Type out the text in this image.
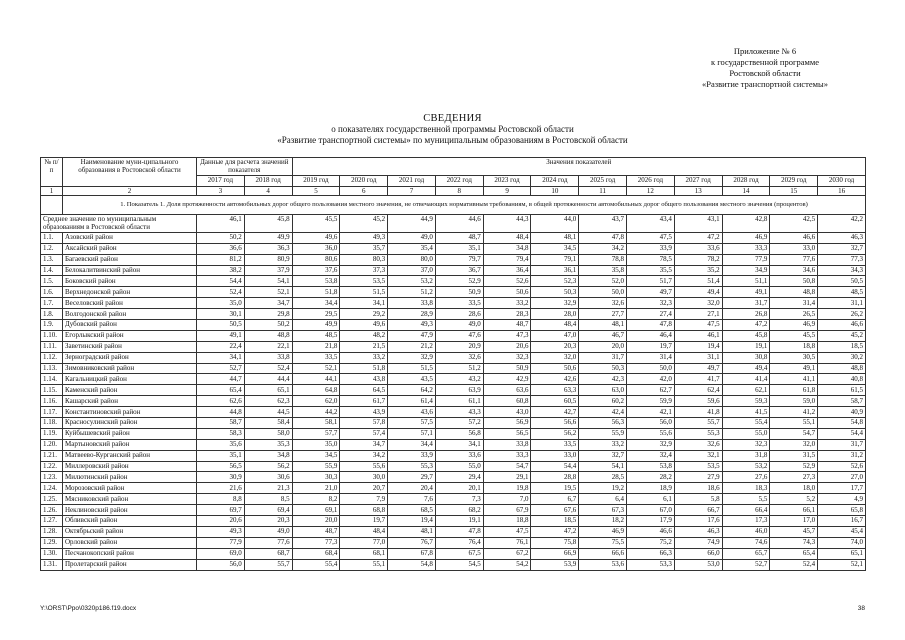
Приложение № 6
к государственной программе
Ростовской области
«Развитие транспортной системы»
СВЕДЕНИЯ
о показателях государственной программы Ростовской области
«Развитие транспортной системы» по муниципальным образованиям в Ростовской области
№ п/п	Наименование муни-ципального образования в Ростовской области	Данные для расчета значений показателя		Значения показателей											
		2017 год	2018 год	2019 год	2020 год	2021 год	2022 год	2023 год	2024 год	2025 год	2026 год	2027 год	2028 год	2029 год	2030 год
1	2	3	4	5	6	7	8	9	10	11	12	13	14	15	16
	1. Показатель 1. Доля протяженности автомобильных дорог общего пользования местного значения, не отвечающих нормативным требованиям, в общей протяженности автомобильных дорог общего пользования местного значения (процентов)														
Среднее значение по муниципальным образованиям в Ростовской области		46,1	45,8	45,5	45,2	44,9	44,6	44,3	44,0	43,7	43,4	43,1	42,8	42,5	42,2
1.1.	Азовский район	50,2	49,9	49,6	49,3	49,0	48,7	48,4	48,1	47,8	47,5	47,2	46,9	46,6	46,3
1.2.	Аксайский район	36,6	36,3	36,0	35,7	35,4	35,1	34,8	34,5	34,2	33,9	33,6	33,3	33,0	32,7
1.3.	Багаевский район	81,2	80,9	80,6	80,3	80,0	79,7	79,4	79,1	78,8	78,5	78,2	77,9	77,6	77,3
1.4.	Белокалитвинский район	38,2	37,9	37,6	37,3	37,0	36,7	36,4	36,1	35,8	35,5	35,2	34,9	34,6	34,3
1.5.	Боковский район	54,4	54,1	53,8	53,5	53,2	52,9	52,6	52,3	52,0	51,7	51,4	51,1	50,8	50,5
1.6.	Верхнедонской район	52,4	52,1	51,8	51,5	51,2	50,9	50,6	50,3	50,0	49,7	49,4	49,1	48,8	48,5
1.7.	Веселовский район	35,0	34,7	34,4	34,1	33,8	33,5	33,2	32,9	32,6	32,3	32,0	31,7	31,4	31,1
1.8.	Волгодонской район	30,1	29,8	29,5	29,2	28,9	28,6	28,3	28,0	27,7	27,4	27,1	26,8	26,5	26,2
1.9.	Дубовский район	50,5	50,2	49,9	49,6	49,3	49,0	48,7	48,4	48,1	47,8	47,5	47,2	46,9	46,6
1.10.	Егорлыкский район	49,1	48,8	48,5	48,2	47,9	47,6	47,3	47,0	46,7	46,4	46,1	45,8	45,5	45,2
1.11.	Заветинский район	22,4	22,1	21,8	21,5	21,2	20,9	20,6	20,3	20,0	19,7	19,4	19,1	18,8	18,5
1.12.	Зерноградский район	34,1	33,8	33,5	33,2	32,9	32,6	32,3	32,0	31,7	31,4	31,1	30,8	30,5	30,2
1.13.	Зимовниковский район	52,7	52,4	52,1	51,8	51,5	51,2	50,9	50,6	50,3	50,0	49,7	49,4	49,1	48,8
1.14.	Кагальницкий район	44,7	44,4	44,1	43,8	43,5	43,2	42,9	42,6	42,3	42,0	41,7	41,4	41,1	40,8
1.15.	Каменский район	65,4	65,1	64,8	64,5	64,2	63,9	63,6	63,3	63,0	62,7	62,4	62,1	61,8	61,5
1.16.	Кашарский район	62,6	62,3	62,0	61,7	61,4	61,1	60,8	60,5	60,2	59,9	59,6	59,3	59,0	58,7
1.17.	Константиновский район	44,8	44,5	44,2	43,9	43,6	43,3	43,0	42,7	42,4	42,1	41,8	41,5	41,2	40,9
1.18.	Красносулинский район	58,7	58,4	58,1	57,8	57,5	57,2	56,9	56,6	56,3	56,0	55,7	55,4	55,1	54,8
1.19.	Куйбышевский район	58,3	58,0	57,7	57,4	57,1	56,8	56,5	56,2	55,9	55,6	55,3	55,0	54,7	54,4
1.20.	Мартыновский район	35,6	35,3	35,0	34,7	34,4	34,1	33,8	33,5	33,2	32,9	32,6	32,3	32,0	31,7
1.21.	Матвеево-Курганский район	35,1	34,8	34,5	34,2	33,9	33,6	33,3	33,0	32,7	32,4	32,1	31,8	31,5	31,2
1.22.	Миллеровский район	56,5	56,2	55,9	55,6	55,3	55,0	54,7	54,4	54,1	53,8	53,5	53,2	52,9	52,6
1.23.	Милютинский район	30,9	30,6	30,3	30,0	29,7	29,4	29,1	28,8	28,5	28,2	27,9	27,6	27,3	27,0
1.24.	Морозовский район	21,6	21,3	21,0	20,7	20,4	20,1	19,8	19,5	19,2	18,9	18,6	18,3	18,0	17,7
1.25.	Мясниковский район	8,8	8,5	8,2	7,9	7,6	7,3	7,0	6,7	6,4	6,1	5,8	5,5	5,2	4,9
1.26.	Неклиновский район	69,7	69,4	69,1	68,8	68,5	68,2	67,9	67,6	67,3	67,0	66,7	66,4	66,1	65,8
1.27.	Обливский район	20,6	20,3	20,0	19,7	19,4	19,1	18,8	18,5	18,2	17,9	17,6	17,3	17,0	16,7
1.28.	Октябрьский район	49,3	49,0	48,7	48,4	48,1	47,8	47,5	47,2	46,9	46,6	46,3	46,0	45,7	45,4
1.29.	Орловский район	77,9	77,6	77,3	77,0	76,7	76,4	76,1	75,8	75,5	75,2	74,9	74,6	74,3	74,0
1.30.	Песчанокопский район	69,0	68,7	68,4	68,1	67,8	67,5	67,2	66,9	66,6	66,3	66,0	65,7	65,4	65,1
1.31.	Пролетарский район	56,0	55,7	55,4	55,1	54,8	54,5	54,2	53,9	53,6	53,3	53,0	52,7	52,4	52,1
Y:\ORST\Ppo\0320p186.f19.docx	38
